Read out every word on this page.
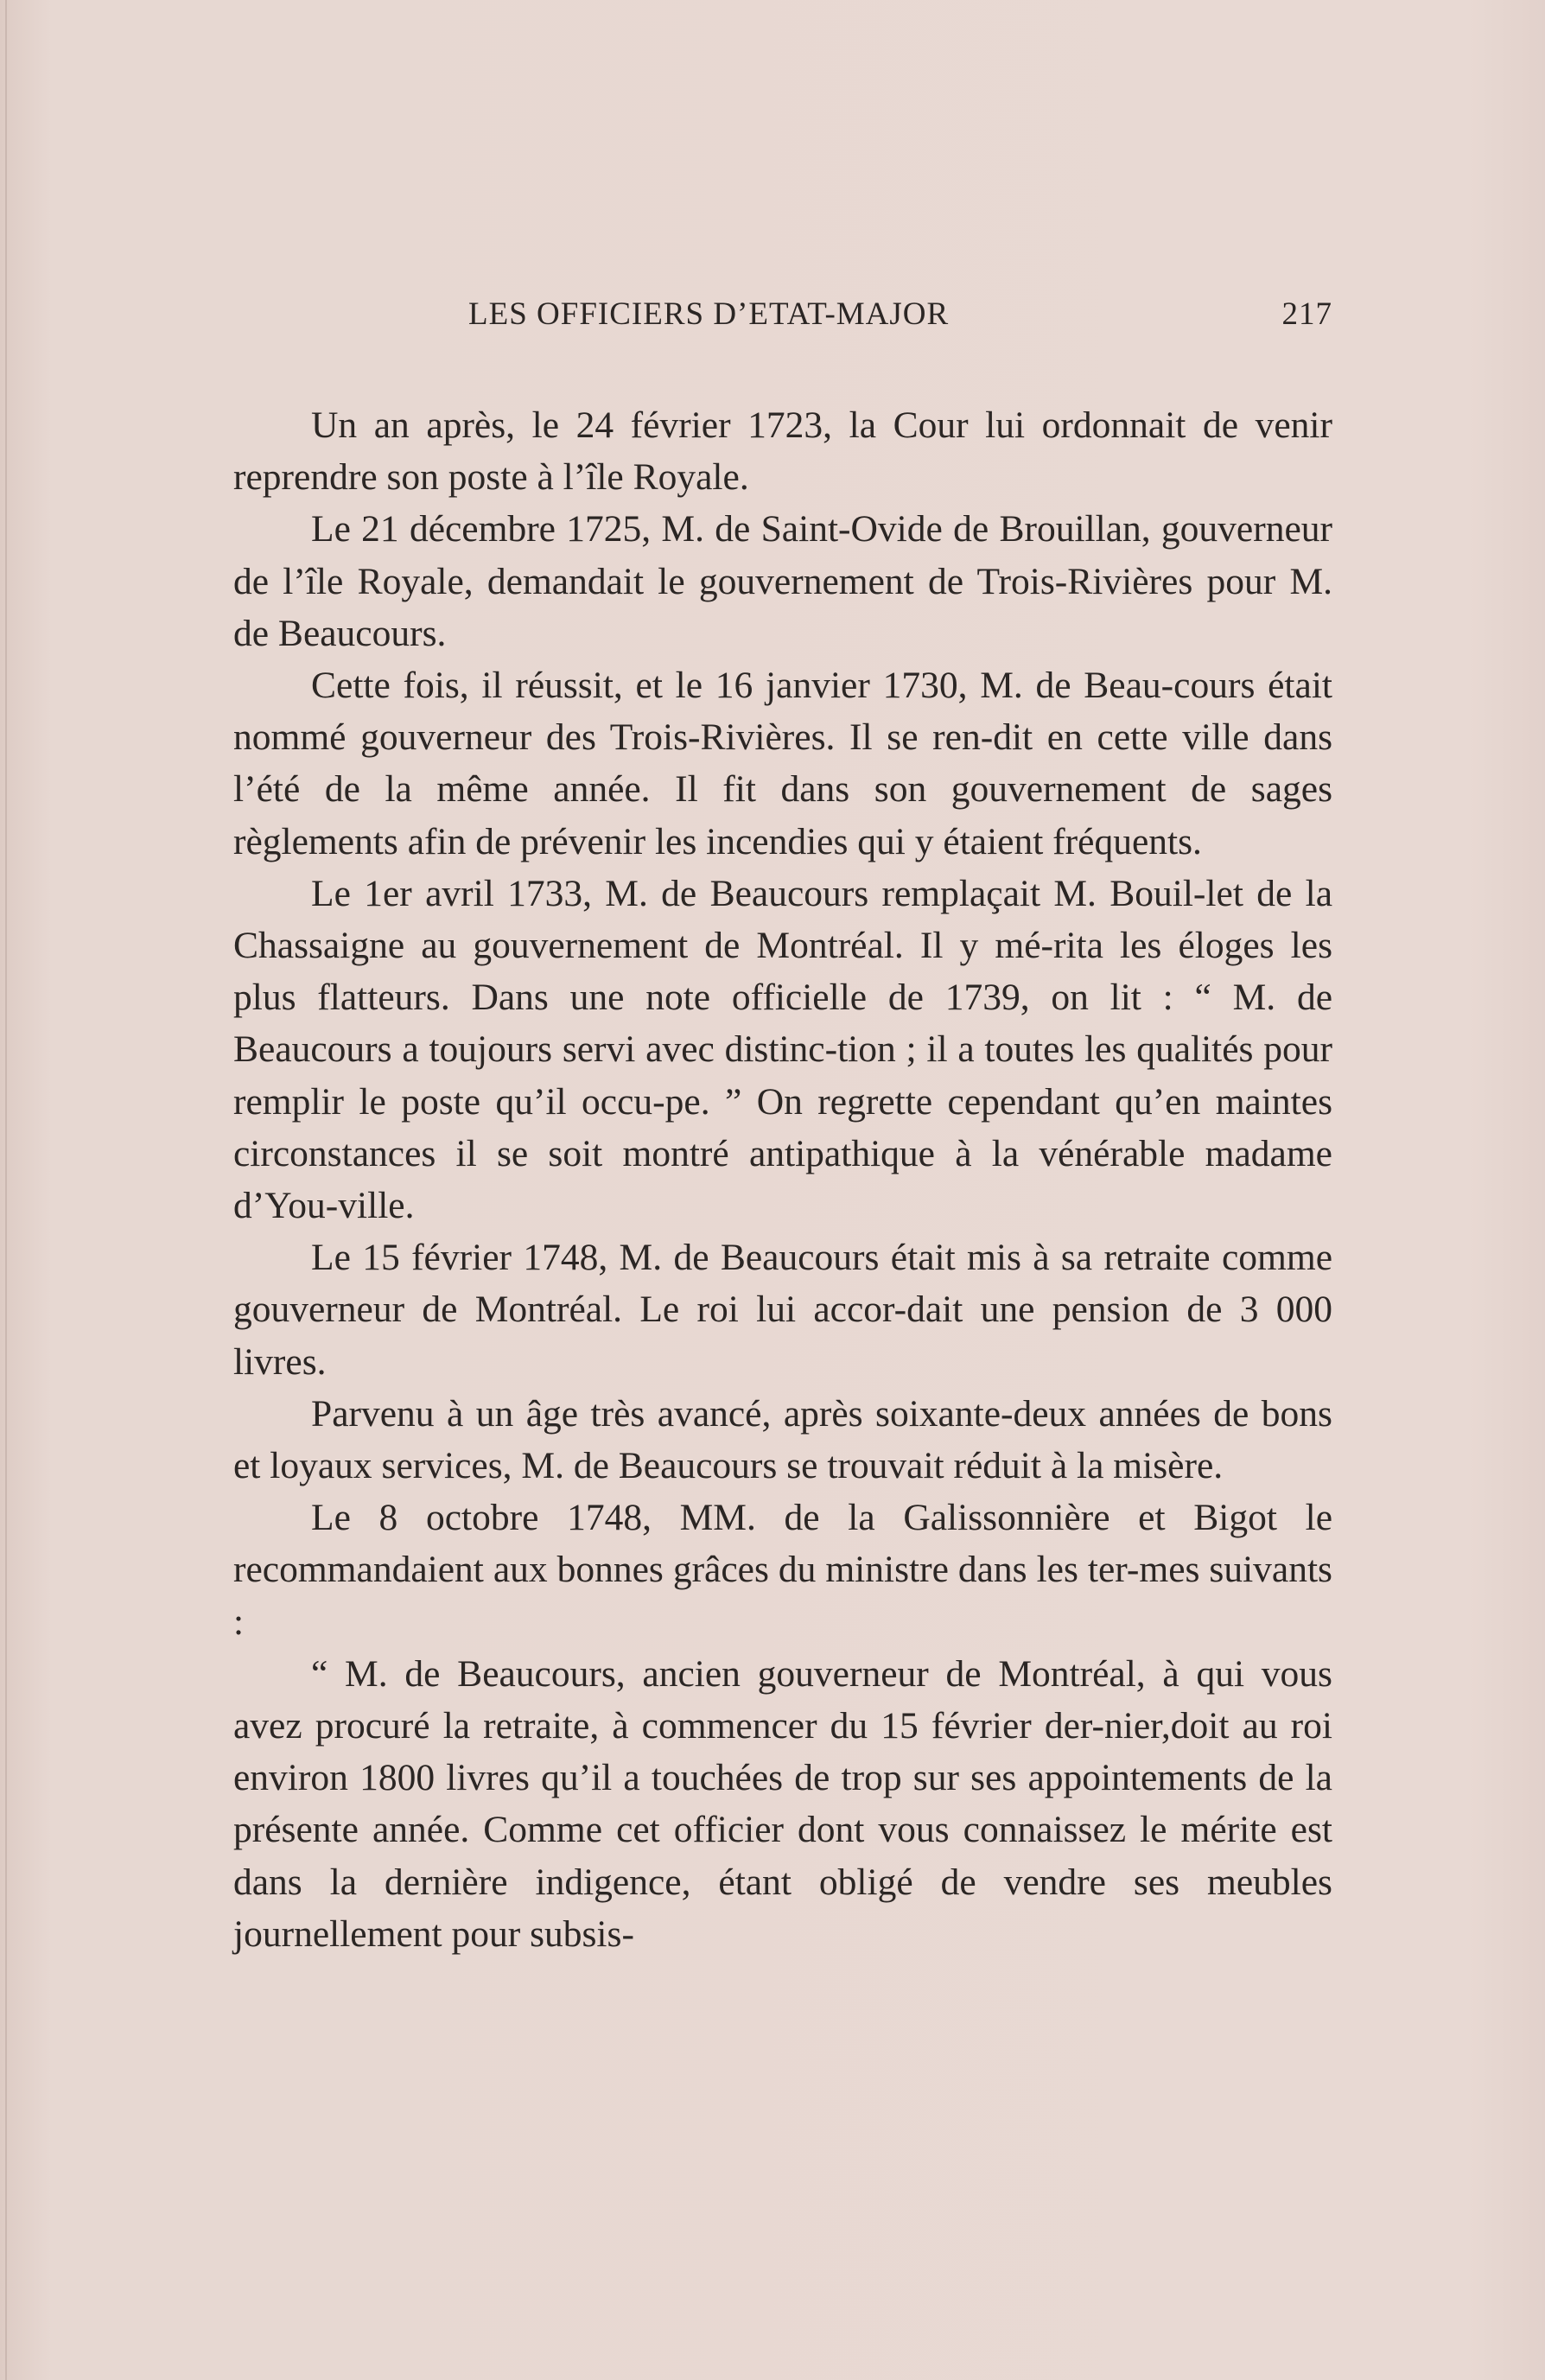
LES OFFICIERS D’ETAT-MAJOR	217

Un an après, le 24 février 1723, la Cour lui ordonnait de venir reprendre son poste à l’île Royale.

Le 21 décembre 1725, M. de Saint-Ovide de Brouillan, gouverneur de l’île Royale, demandait le gouvernement de Trois-Rivières pour M. de Beaucours.

Cette fois, il réussit, et le 16 janvier 1730, M. de Beau-cours était nommé gouverneur des Trois-Rivières. Il se ren-dit en cette ville dans l’été de la même année. Il fit dans son gouvernement de sages règlements afin de prévenir les incendies qui y étaient fréquents.

Le 1er avril 1733, M. de Beaucours remplaçait M. Bouil-let de la Chassaigne au gouvernement de Montréal. Il y mé-rita les éloges les plus flatteurs. Dans une note officielle de 1739, on lit : “ M. de Beaucours a toujours servi avec distinc-tion ; il a toutes les qualités pour remplir le poste qu’il occu-pe. ” On regrette cependant qu’en maintes circonstances il se soit montré antipathique à la vénérable madame d’You-ville.

Le 15 février 1748, M. de Beaucours était mis à sa retraite comme gouverneur de Montréal. Le roi lui accor-dait une pension de 3 000 livres.

Parvenu à un âge très avancé, après soixante-deux années de bons et loyaux services, M. de Beaucours se trouvait réduit à la misère.

Le 8 octobre 1748, MM. de la Galissonnière et Bigot le recommandaient aux bonnes grâces du ministre dans les ter-mes suivants :

“ M. de Beaucours, ancien gouverneur de Montréal, à qui vous avez procuré la retraite, à commencer du 15 février der-nier,doit au roi environ 1800 livres qu’il a touchées de trop sur ses appointements de la présente année. Comme cet officier dont vous connaissez le mérite est dans la dernière indigence, étant obligé de vendre ses meubles journellement pour subsis-
